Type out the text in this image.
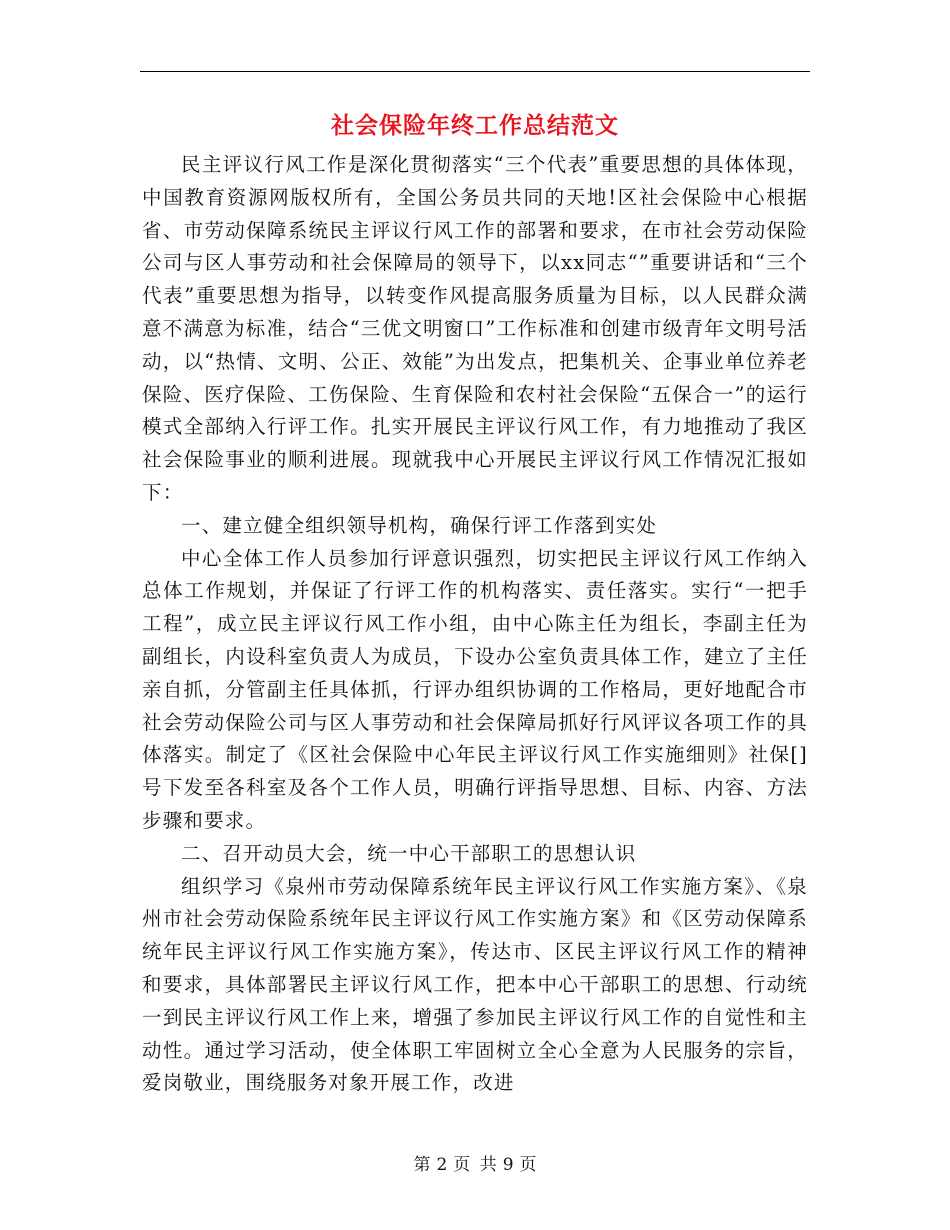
社会保险年终工作总结范文

民主评议行风工作是深化贯彻落实“三个代表”重要思想的具体体现，中国教育资源网版权所有，全国公务员共同的天地!区社会保险中心根据省、市劳动保障系统民主评议行风工作的部署和要求，在市社会劳动保险公司与区人事劳动和社会保障局的领导下，以xx同志“”重要讲话和“三个代表”重要思想为指导，以转变作风提高服务质量为目标，以人民群众满意不满意为标准，结合“三优文明窗口”工作标准和创建市级青年文明号活动，以“热情、文明、公正、效能”为出发点，把集机关、企事业单位养老保险、医疗保险、工伤保险、生育保险和农村社会保险“五保合一”的运行模式全部纳入行评工作。扎实开展民主评议行风工作，有力地推动了我区社会保险事业的顺利进展。现就我中心开展民主评议行风工作情况汇报如下：

一、建立健全组织领导机构，确保行评工作落到实处

中心全体工作人员参加行评意识强烈，切实把民主评议行风工作纳入总体工作规划，并保证了行评工作的机构落实、责任落实。实行“一把手工程”，成立民主评议行风工作小组，由中心陈主任为组长，李副主任为副组长，内设科室负责人为成员，下设办公室负责具体工作，建立了主任亲自抓，分管副主任具体抓，行评办组织协调的工作格局，更好地配合市社会劳动保险公司与区人事劳动和社会保障局抓好行风评议各项工作的具体落实。制定了《区社会保险中心年民主评议行风工作实施细则》社保[]号下发至各科室及各个工作人员，明确行评指导思想、目标、内容、方法步骤和要求。

二、召开动员大会，统一中心干部职工的思想认识

组织学习《泉州市劳动保障系统年民主评议行风工作实施方案》、《泉州市社会劳动保险系统年民主评议行风工作实施方案》和《区劳动保障系统年民主评议行风工作实施方案》，传达市、区民主评议行风工作的精神和要求，具体部署民主评议行风工作，把本中心干部职工的思想、行动统一到民主评议行风工作上来，增强了参加民主评议行风工作的自觉性和主动性。通过学习活动，使全体职工牢固树立全心全意为人民服务的宗旨，爱岗敬业，围绕服务对象开展工作，改进

第 2 页 共 9 页
